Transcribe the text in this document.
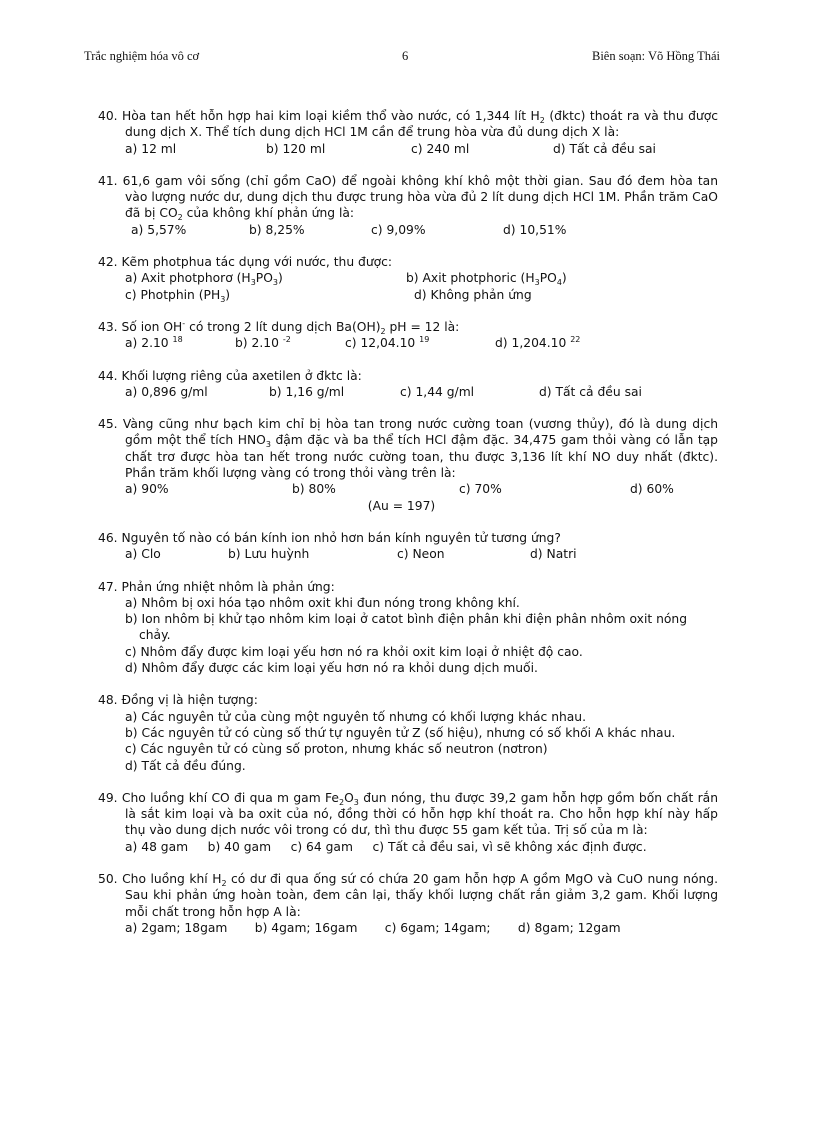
Trắc nghiệm hóa vô cơ	6	Biên soạn: Võ Hồng Thái
40. Hòa tan hết hỗn hợp hai kim loại kiềm thổ vào nước, có 1,344 lít $H_2$ (đktc) thoát ra và thu được dung dịch X. Thể tích dung dịch HCl 1M cần để trung hòa vừa đủ dung dịch X là:
a) 12 ml	b) 120 ml	c) 240 ml	d) Tất cả đều sai
41. 61,6 gam vôi sống (chỉ gồm CaO) để ngoài không khí khô một thời gian. Sau đó đem hòa tan vào lượng nước dư, dung dịch thu được trung hòa vừa đủ 2 lít dung dịch HCl 1M. Phần trăm CaO đã bị $CO_2$ của không khí phản ứng là:
a) 5,57%	b) 8,25%	c) 9,09%	d) 10,51%
42. Kẽm photphua tác dụng với nước, thu được:
a) Axit photphorơ $(H_3PO_3)$	b) Axit photphoric $(H_3PO_4)$
c) Photphin $(PH_3)$	d) Không phản ứng
43. Số ion OH- có trong 2 lít dung dịch $Ba(OH)_2$ pH = 12 là:
a) 2.10 $^{18}$	b) 2.10 $^{-2}$	c) 12,04.10 $^{19}$	d) 1,204.10 $^{22}$
44. Khối lượng riêng của axetilen ở đktc là:
a) 0,896 g/ml	b) 1,16 g/ml	c) 1,44 g/ml	d) Tất cả đều sai
45. Vàng cũng như bạch kim chỉ bị hòa tan trong nước cường toan (vương thủy), đó là dung dịch gồm một thể tích $HNO_3$ đậm đặc và ba thể tích HCl đậm đặc. 34,475 gam thỏi vàng có lẫn tạp chất trơ được hòa tan hết trong nước cường toan, thu được 3,136 lít khí NO duy nhất (đktc). Phần trăm khối lượng vàng có trong thỏi vàng trên là:
a) 90%	b) 80%	c) 70%	d) 60%
(Au = 197)
46. Nguyên tố nào có bán kính ion nhỏ hơn bán kính nguyên tử tương ứng?
a) Clo	b) Lưu huỳnh	c) Neon	d) Natri
47. Phản ứng nhiệt nhôm là phản ứng:
a) Nhôm bị oxi hóa tạo nhôm oxit khi đun nóng trong không khí.
b) Ion nhôm bị khử tạo nhôm kim loại ở catot bình điện phân khi điện phân nhôm oxit nóng chảy.
c) Nhôm đẩy được kim loại yếu hơn nó ra khỏi oxit kim loại ở nhiệt độ cao.
d) Nhôm đẩy được các kim loại yếu hơn nó ra khỏi dung dịch muối.
48. Đồng vị là hiện tượng:
a) Các nguyên tử của cùng một nguyên tố nhưng có khối lượng khác nhau.
b) Các nguyên tử có cùng số thứ tự nguyên tử Z (số hiệu), nhưng có số khối A khác nhau.
c) Các nguyên tử có cùng số proton, nhưng khác số neutron (nơtron)
d) Tất cả đều đúng.
49. Cho luồng khí CO đi qua m gam $Fe_2O_3$ đun nóng, thu được 39,2 gam hỗn hợp gồm bốn chất rắn là sắt kim loại và ba oxit của nó, đồng thời có hỗn hợp khí thoát ra. Cho hỗn hợp khí này hấp thụ vào dung dịch nước vôi trong có dư, thì thu được 55 gam kết tủa. Trị số của m là:
a) 48 gam     b) 40 gam     c) 64 gam     c) Tất cả đều sai, vì sẽ không xác định được.
50. Cho luồng khí $H_2$ có dư đi qua ống sứ có chứa 20 gam hỗn hợp A gồm MgO và CuO nung nóng. Sau khi phản ứng hoàn toàn, đem cân lại, thấy khối lượng chất rắn giảm 3,2 gam. Khối lượng mỗi chất trong hỗn hợp A là:
a) 2gam; 18gam       b) 4gam; 16gam       c) 6gam; 14gam;       d) 8gam; 12gam
